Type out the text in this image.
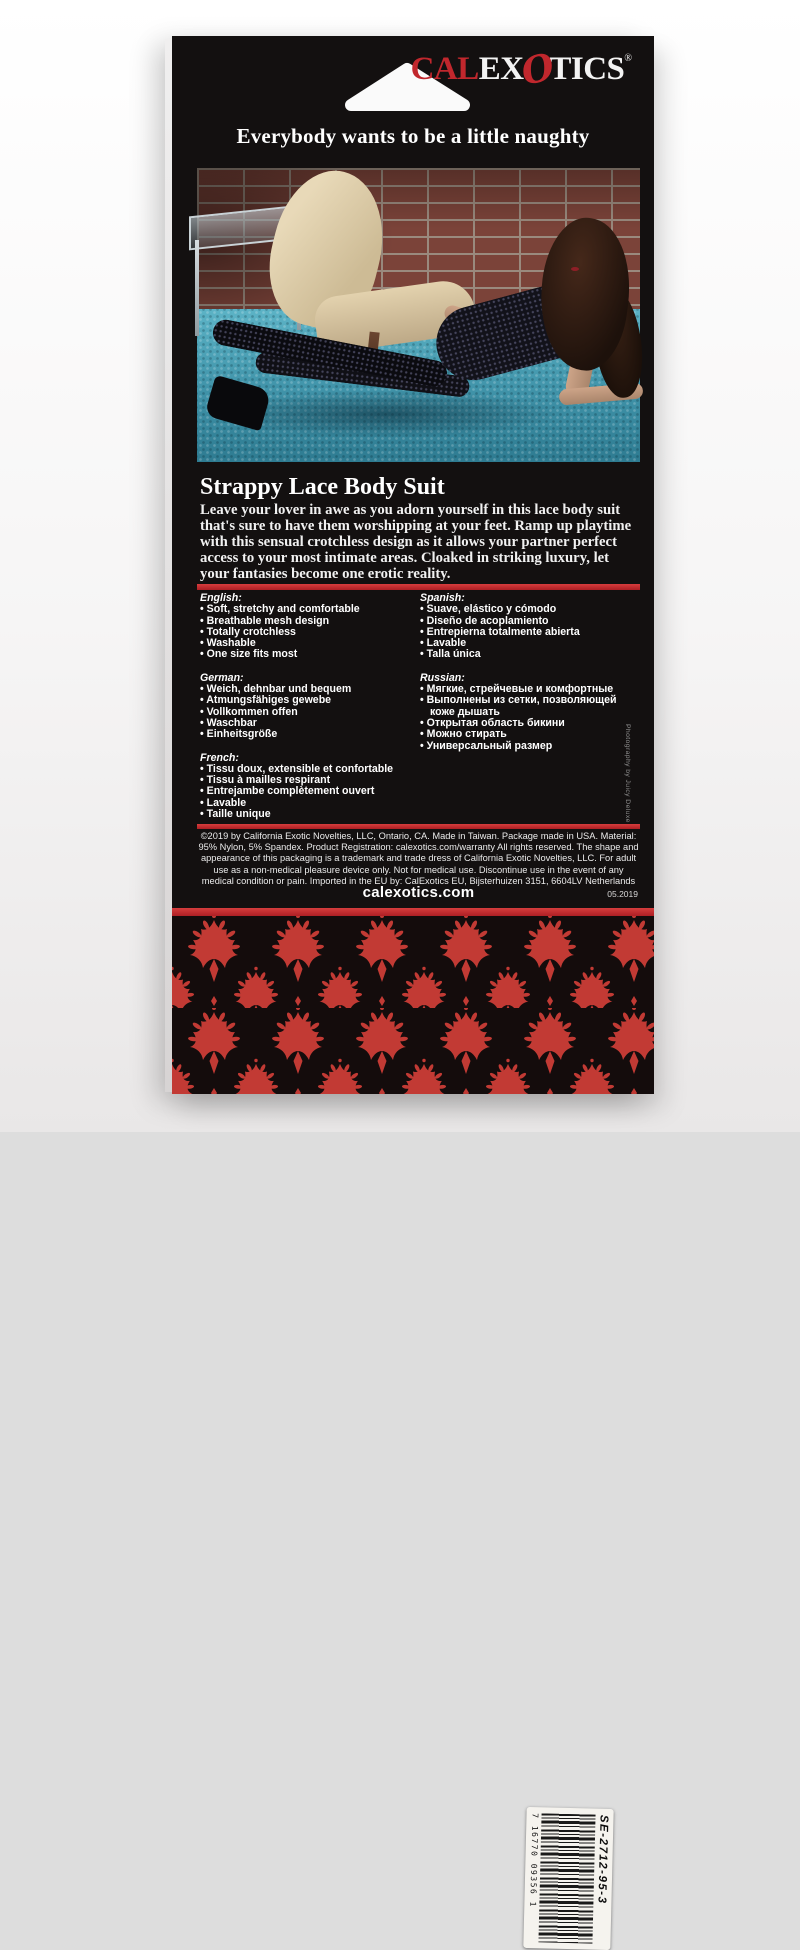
CALEXOTICS®
Everybody wants to be a little naughty
Strappy Lace Body Suit
Leave your lover in awe as you adorn yourself in this lace body suit that's sure to have them worshipping at your feet. Ramp up playtime with this sensual crotchless design as it allows your partner perfect access to your most intimate areas. Cloaked in striking luxury, let your fantasies become one erotic reality.
English:
• Soft, stretchy and comfortable
• Breathable mesh design
• Totally crotchless
• Washable
• One size fits most
German:
• Weich, dehnbar und bequem
• Atmungsfähiges gewebe
• Vollkommen offen
• Waschbar
• Einheitsgröße
French:
• Tissu doux, extensible et confortable
• Tissu à mailles respirant
• Entrejambe complètement ouvert
• Lavable
• Taille unique
Spanish:
• Suave, elástico y cómodo
• Diseño de acoplamiento
• Entrepierna totalmente abierta
• Lavable
• Talla única
Russian:
• Мягкие, стрейчевые и комфортные
• Выполнены из сетки, позволяющей коже дышать
• Открытая область бикини
• Можно стирать
• Универсальный размер	Photography by Juicy Deluxe
©2019 by California Exotic Novelties, LLC, Ontario, CA. Made in Taiwan. Package made in USA. Material: 95% Nylon, 5% Spandex. Product Registration: calexotics.com/warranty All rights reserved. The shape and appearance of this packaging is a trademark and trade dress of California Exotic Novelties, LLC. For adult use as a non-medical pleasure device only. Not for medical use. Discontinue use in the event of any medical condition or pain. Imported in the EU by: CalExotics EU, Bijsterhuizen 3151, 6604LV Netherlands
calexotics.com	05.2019
7 16770 09356 1	SE-2712-95-3
